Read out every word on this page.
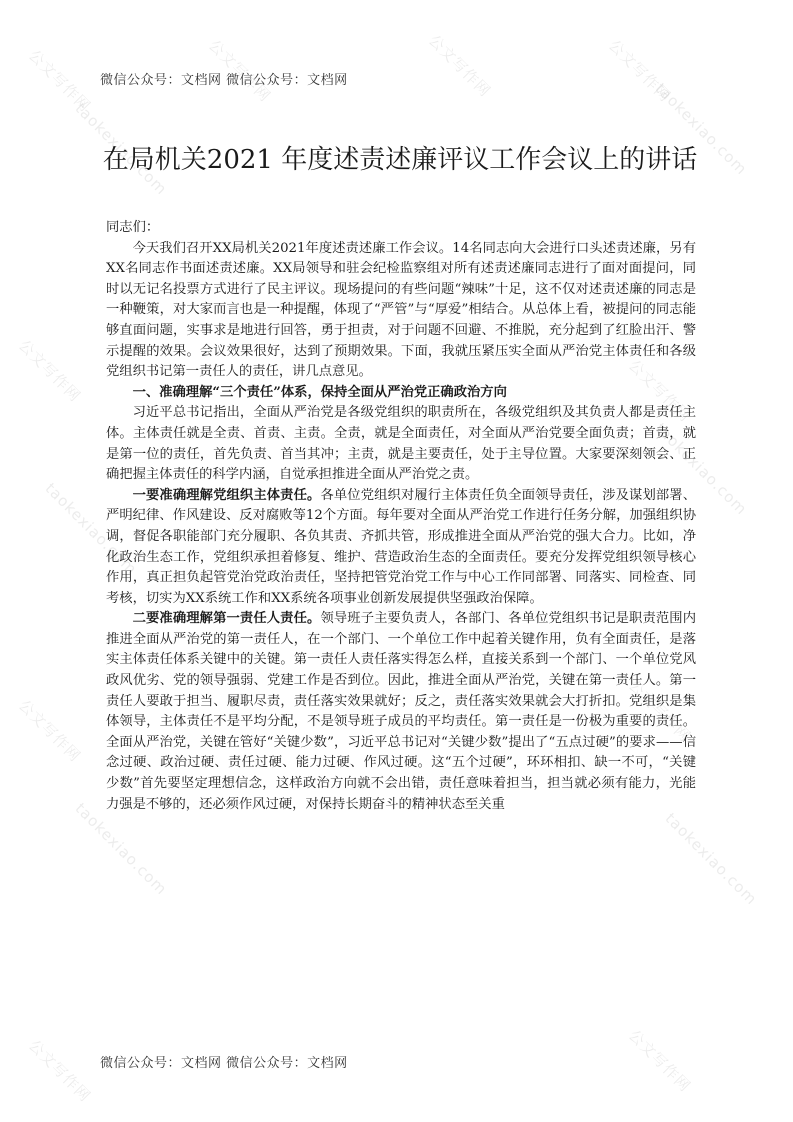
公文写作网
taokexiao.com
公文写作网	公文写作网	公文写作网
taokexiao.com
公文写作网	公文写作网
taokexiao.com
taokexiao.com
公文写作网	公文写作网
taokexiao.com	taokexiao.com
公文写作网	公文写作网
微信公众号：文档网 微信公众号：文档网
在局机关2021 年度述责述廉评议工作会议上的讲话

同志们：

今天我们召开XX局机关2021年度述责述廉工作会议。14名同志向大会进行口头述责述廉，另有XX名同志作书面述责述廉。XX局领导和驻会纪检监察组对所有述责述廉同志进行了面对面提问，同时以无记名投票方式进行了民主评议。现场提问的有些问题“辣味”十足，这不仅对述责述廉的同志是一种鞭策，对大家而言也是一种提醒，体现了“严管”与“厚爱”相结合。从总体上看，被提问的同志能够直面问题，实事求是地进行回答，勇于担责，对于问题不回避、不推脱，充分起到了红脸出汗、警示提醒的效果。会议效果很好，达到了预期效果。下面，我就压紧压实全面从严治党主体责任和各级党组织书记第一责任人的责任，讲几点意见。

一、准确理解“三个责任”体系，保持全面从严治党正确政治方向

习近平总书记指出，全面从严治党是各级党组织的职责所在，各级党组织及其负责人都是责任主体。主体责任就是全责、首责、主责。全责，就是全面责任，对全面从严治党要全面负责；首责，就是第一位的责任，首先负责、首当其冲；主责，就是主要责任，处于主导位置。大家要深刻领会、正确把握主体责任的科学内涵，自觉承担推进全面从严治党之责。

一要准确理解党组织主体责任。各单位党组织对履行主体责任负全面领导责任，涉及谋划部署、严明纪律、作风建设、反对腐败等12个方面。每年要对全面从严治党工作进行任务分解，加强组织协调，督促各职能部门充分履职、各负其责、齐抓共管，形成推进全面从严治党的强大合力。比如，净化政治生态工作，党组织承担着修复、维护、营造政治生态的全面责任。要充分发挥党组织领导核心作用，真正担负起管党治党政治责任，坚持把管党治党工作与中心工作同部署、同落实、同检查、同考核，切实为XX系统工作和XX系统各项事业创新发展提供坚强政治保障。

二要准确理解第一责任人责任。领导班子主要负责人，各部门、各单位党组织书记是职责范围内推进全面从严治党的第一责任人，在一个部门、一个单位工作中起着关键作用，负有全面责任，是落实主体责任体系关键中的关键。第一责任人责任落实得怎么样，直接关系到一个部门、一个单位党风政风优劣、党的领导强弱、党建工作是否到位。因此，推进全面从严治党，关键在第一责任人。第一责任人要敢于担当、履职尽责，责任落实效果就好；反之，责任落实效果就会大打折扣。党组织是集体领导，主体责任不是平均分配，不是领导班子成员的平均责任。第一责任是一份极为重要的责任。全面从严治党，关键在管好“关键少数”，习近平总书记对“关键少数”提出了“五点过硬”的要求——信念过硬、政治过硬、责任过硬、能力过硬、作风过硬。这“五个过硬”，环环相扣、缺一不可，“关键少数”首先要坚定理想信念，这样政治方向就不会出错，责任意味着担当，担当就必须有能力，光能力强是不够的，还必须作风过硬，对保持长期奋斗的精神状态至关重

微信公众号：文档网 微信公众号：文档网
